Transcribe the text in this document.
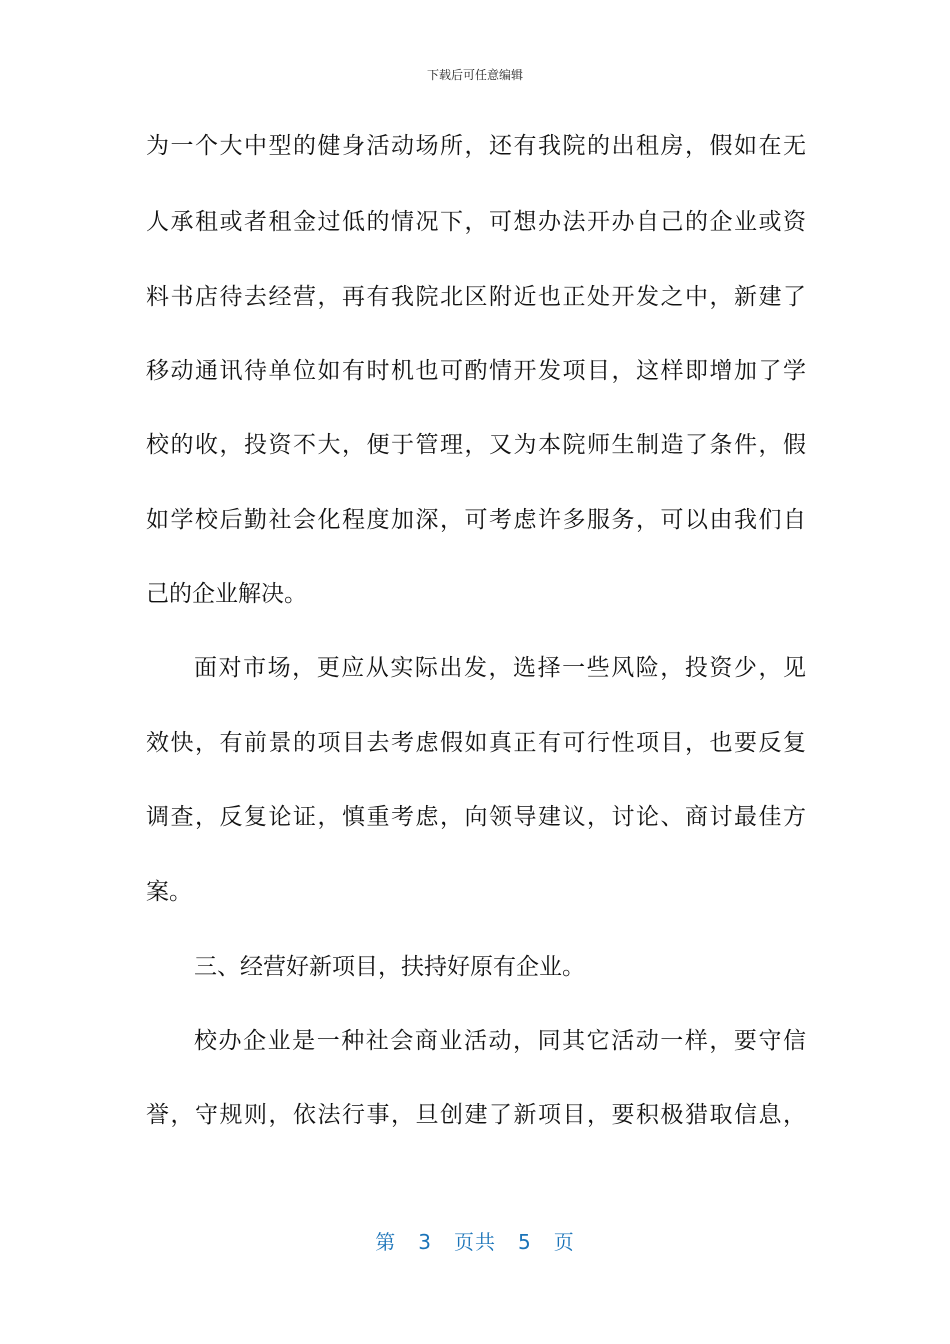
下载后可任意编辑
为一个大中型的健身活动场所，还有我院的出租房，假如在无
人承租或者租金过低的情况下，可想办法开办自己的企业或资
料书店待去经营，再有我院北区附近也正处开发之中，新建了
移动通讯待单位如有时机也可酌情开发项目，这样即增加了学
校的收，投资不大，便于管理，又为本院师生制造了条件，假
如学校后勤社会化程度加深，可考虑许多服务，可以由我们自
己的企业解决。
面对市场，更应从实际出发，选择一些风险，投资少，见
效快，有前景的项目去考虑假如真正有可行性项目，也要反复
调查，反复论证，慎重考虑，向领导建议，讨论、商讨最佳方
案。
三、经营好新项目，扶持好原有企业。
校办企业是一种社会商业活动，同其它活动一样，要守信
誉，守规则，依法行事，旦创建了新项目，要积极猎取信息，
第 3 页共 5 页
